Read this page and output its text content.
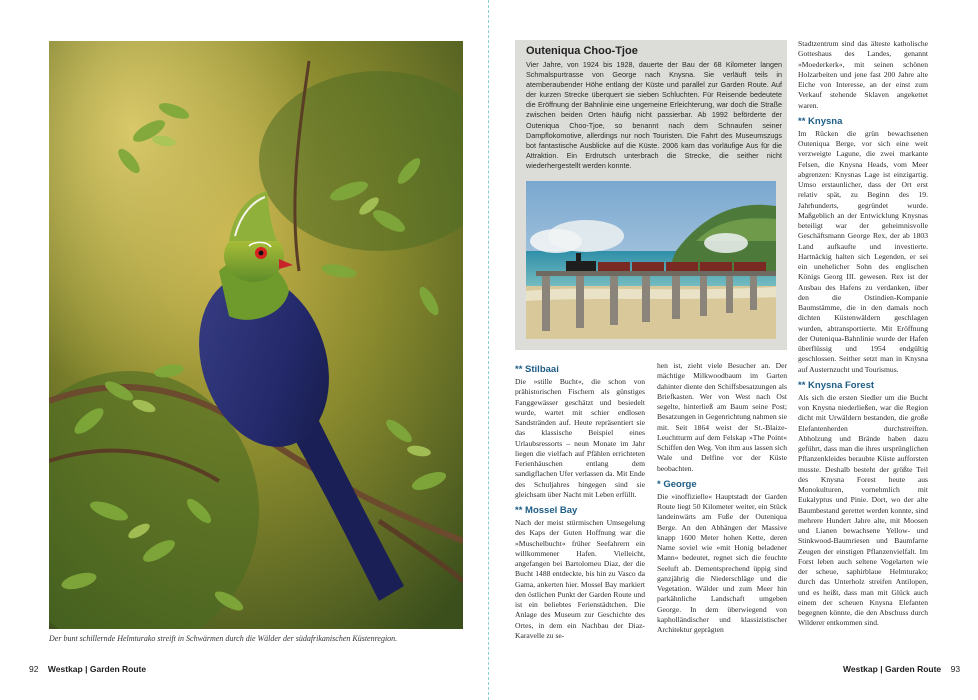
Der bunt schillernde Helmturako streift in Schwärmen durch die Wälder der südafrikanischen Küstenregion.
92 Westkap | Garden Route
Outeniqua Choo-Tjoe
Vier Jahre, von 1924 bis 1928, dauerte der Bau der 68 Kilometer langen Schmalspurtrasse von George nach Knysna. Sie verläuft teils in atemberaubender Höhe entlang der Küste und parallel zur Garden Route. Auf der kurzen Strecke überquert sie sieben Schluchten. Für Reisende bedeutete die Eröffnung der Bahnlinie eine ungemeine Erleichterung, war doch die Straße zwischen beiden Orten häufig nicht passierbar. Ab 1992 beförderte der Outeniqua Choo-Tjoe, so benannt nach dem Schnaufen seiner Dampflokomotive, allerdings nur noch Touristen. Die Fahrt des Museumszugs bot fantastische Ausblicke auf die Küste. 2006 kam das vorläufige Aus für die Attraktion. Ein Erdrutsch unterbrach die Strecke, die seither nicht wiederhergestellt werden konnte.
** Stilbaai

Die »stille Bucht«, die schon von prähistorischen Fischern als günstiges Fanggewässer geschätzt und besiedelt wurde, wartet mit schier endlosen Sandstränden auf. Heute repräsentiert sie das klassische Beispiel eines Urlaubsressorts – neun Monate im Jahr liegen die vielfach auf Pfählen errichteten Ferienhäuschen entlang dem sandigflachen Ufer verlassen da. Mit Ende des Schuljahres hingegen sind sie gleichsam über Nacht mit Leben erfüllt.

** Mossel Bay

Nach der meist stürmischen Umsegelung des Kaps der Guten Hoffnung war die »Muschelbucht« früher Seefahrern ein willkommener Hafen. Vielleicht, angefangen bei Bartolomeu Diaz, der die Bucht 1488 entdeckte, bis hin zu Vasco da Gama, ankerten hier. Mossel Bay markiert den östlichen Punkt der Garden Route und ist ein beliebtes Ferienstädtchen. Die Anlage des Museum zur Geschichte des Ortes, in dem ein Nachbau der Diaz-Karavelle zu se-

hen ist, zieht viele Besucher an. Der mächtige Milkwoodbaum im Garten dahinter diente den Schiffsbesatzungen als Briefkasten. Wer von West nach Ost segelte, hinterließ am Baum seine Post; Besatzungen in Gegenrichtung nahmen sie mit. Seit 1864 weist der St.-Blaize-Leuchtturm auf dem Felskap »The Point« Schiffen den Weg. Von ihm aus lassen sich Wale und Delfine vor der Küste beobachten.

* George

Die »inoffizielle« Hauptstadt der Garden Route liegt 50 Kilometer weiter, ein Stück landeinwärts am Fuße der Outeniqua Berge. An den Abhängen der Massive knapp 1600 Meter hohen Kette, deren Name soviel wie »mit Honig beladener Mann« bedeutet, regnet sich die feuchte Seeluft ab. Dementsprechend üppig sind ganzjährig die Niederschläge und die Vegetation. Wälder und zum Meer hin parkähnliche Landschaft umgeben George. In dem überwiegend von kapholländischer und klassizistischer Architektur geprägten

Stadtzentrum sind das älteste katholische Gotteshaus des Landes, genannt »Moederkerk«, mit seinen schönen Holzarbeiten und jene fast 200 Jahre alte Eiche von Interesse, an der einst zum Verkauf stehende Sklaven angekettet waren.

** Knysna

Im Rücken die grün bewachsenen Outeniqua Berge, vor sich eine weit verzweigte Lagune, die zwei markante Felsen, die Knysna Heads, vom Meer abgrenzen: Knysnas Lage ist einzigartig. Umso erstaunlicher, dass der Ort erst relativ spät, zu Beginn des 19. Jahrhunderts, gegründet wurde. Maßgeblich an der Entwicklung Knysnas beteiligt war der geheimnisvolle Geschäftsmann George Rex, der ab 1803 Land aufkaufte und investierte. Hartnäckig halten sich Legenden, er sei ein unehelicher Sohn des englischen Königs Georg III. gewesen. Rex ist der Ausbau des Hafens zu verdanken, über den die Ostindien-Kompanie Baumstämme, die in den damals noch dichten Küstenwäldern geschlagen wurden, abtransportierte. Mit Eröffnung der Outeniqua-Bahnlinie wurde der Hafen überflüssig und 1954 endgültig geschlossen. Seither setzt man in Knysna auf Austernzucht und Tourismus.

** Knysna Forest

Als sich die ersten Siedler um die Bucht von Knysna niederließen, war die Region dicht mit Urwäldern bestanden, die große Elefantenherden durchstreiften. Abholzung und Brände haben dazu geführt, dass man die ihres ursprünglichen Pflanzenkleides beraubte Küste aufforsten musste. Deshalb besteht der größte Teil des Knysna Forest heute aus Monokulturen, vornehmlich mit Eukalyptus und Pinie. Dort, wo der alte Baumbestand gerettet werden konnte, sind mehrere Hundert Jahre alte, mit Moosen und Lianen bewachsene Yellow- und Stinkwood-Baumriesen und Baumfarne Zeugen der einstigen Pflanzenvielfalt. Im Forst leben auch seltene Vogelarten wie der scheue, saphirblaue Helmturako; durch das Unterholz streifen Antilopen, und es heißt, dass man mit Glück auch einem der scheuen Knysna Elefanten begegnen könnte, die den Abschuss durch Wilderer entkommen sind.

Westkap | Garden Route 93
